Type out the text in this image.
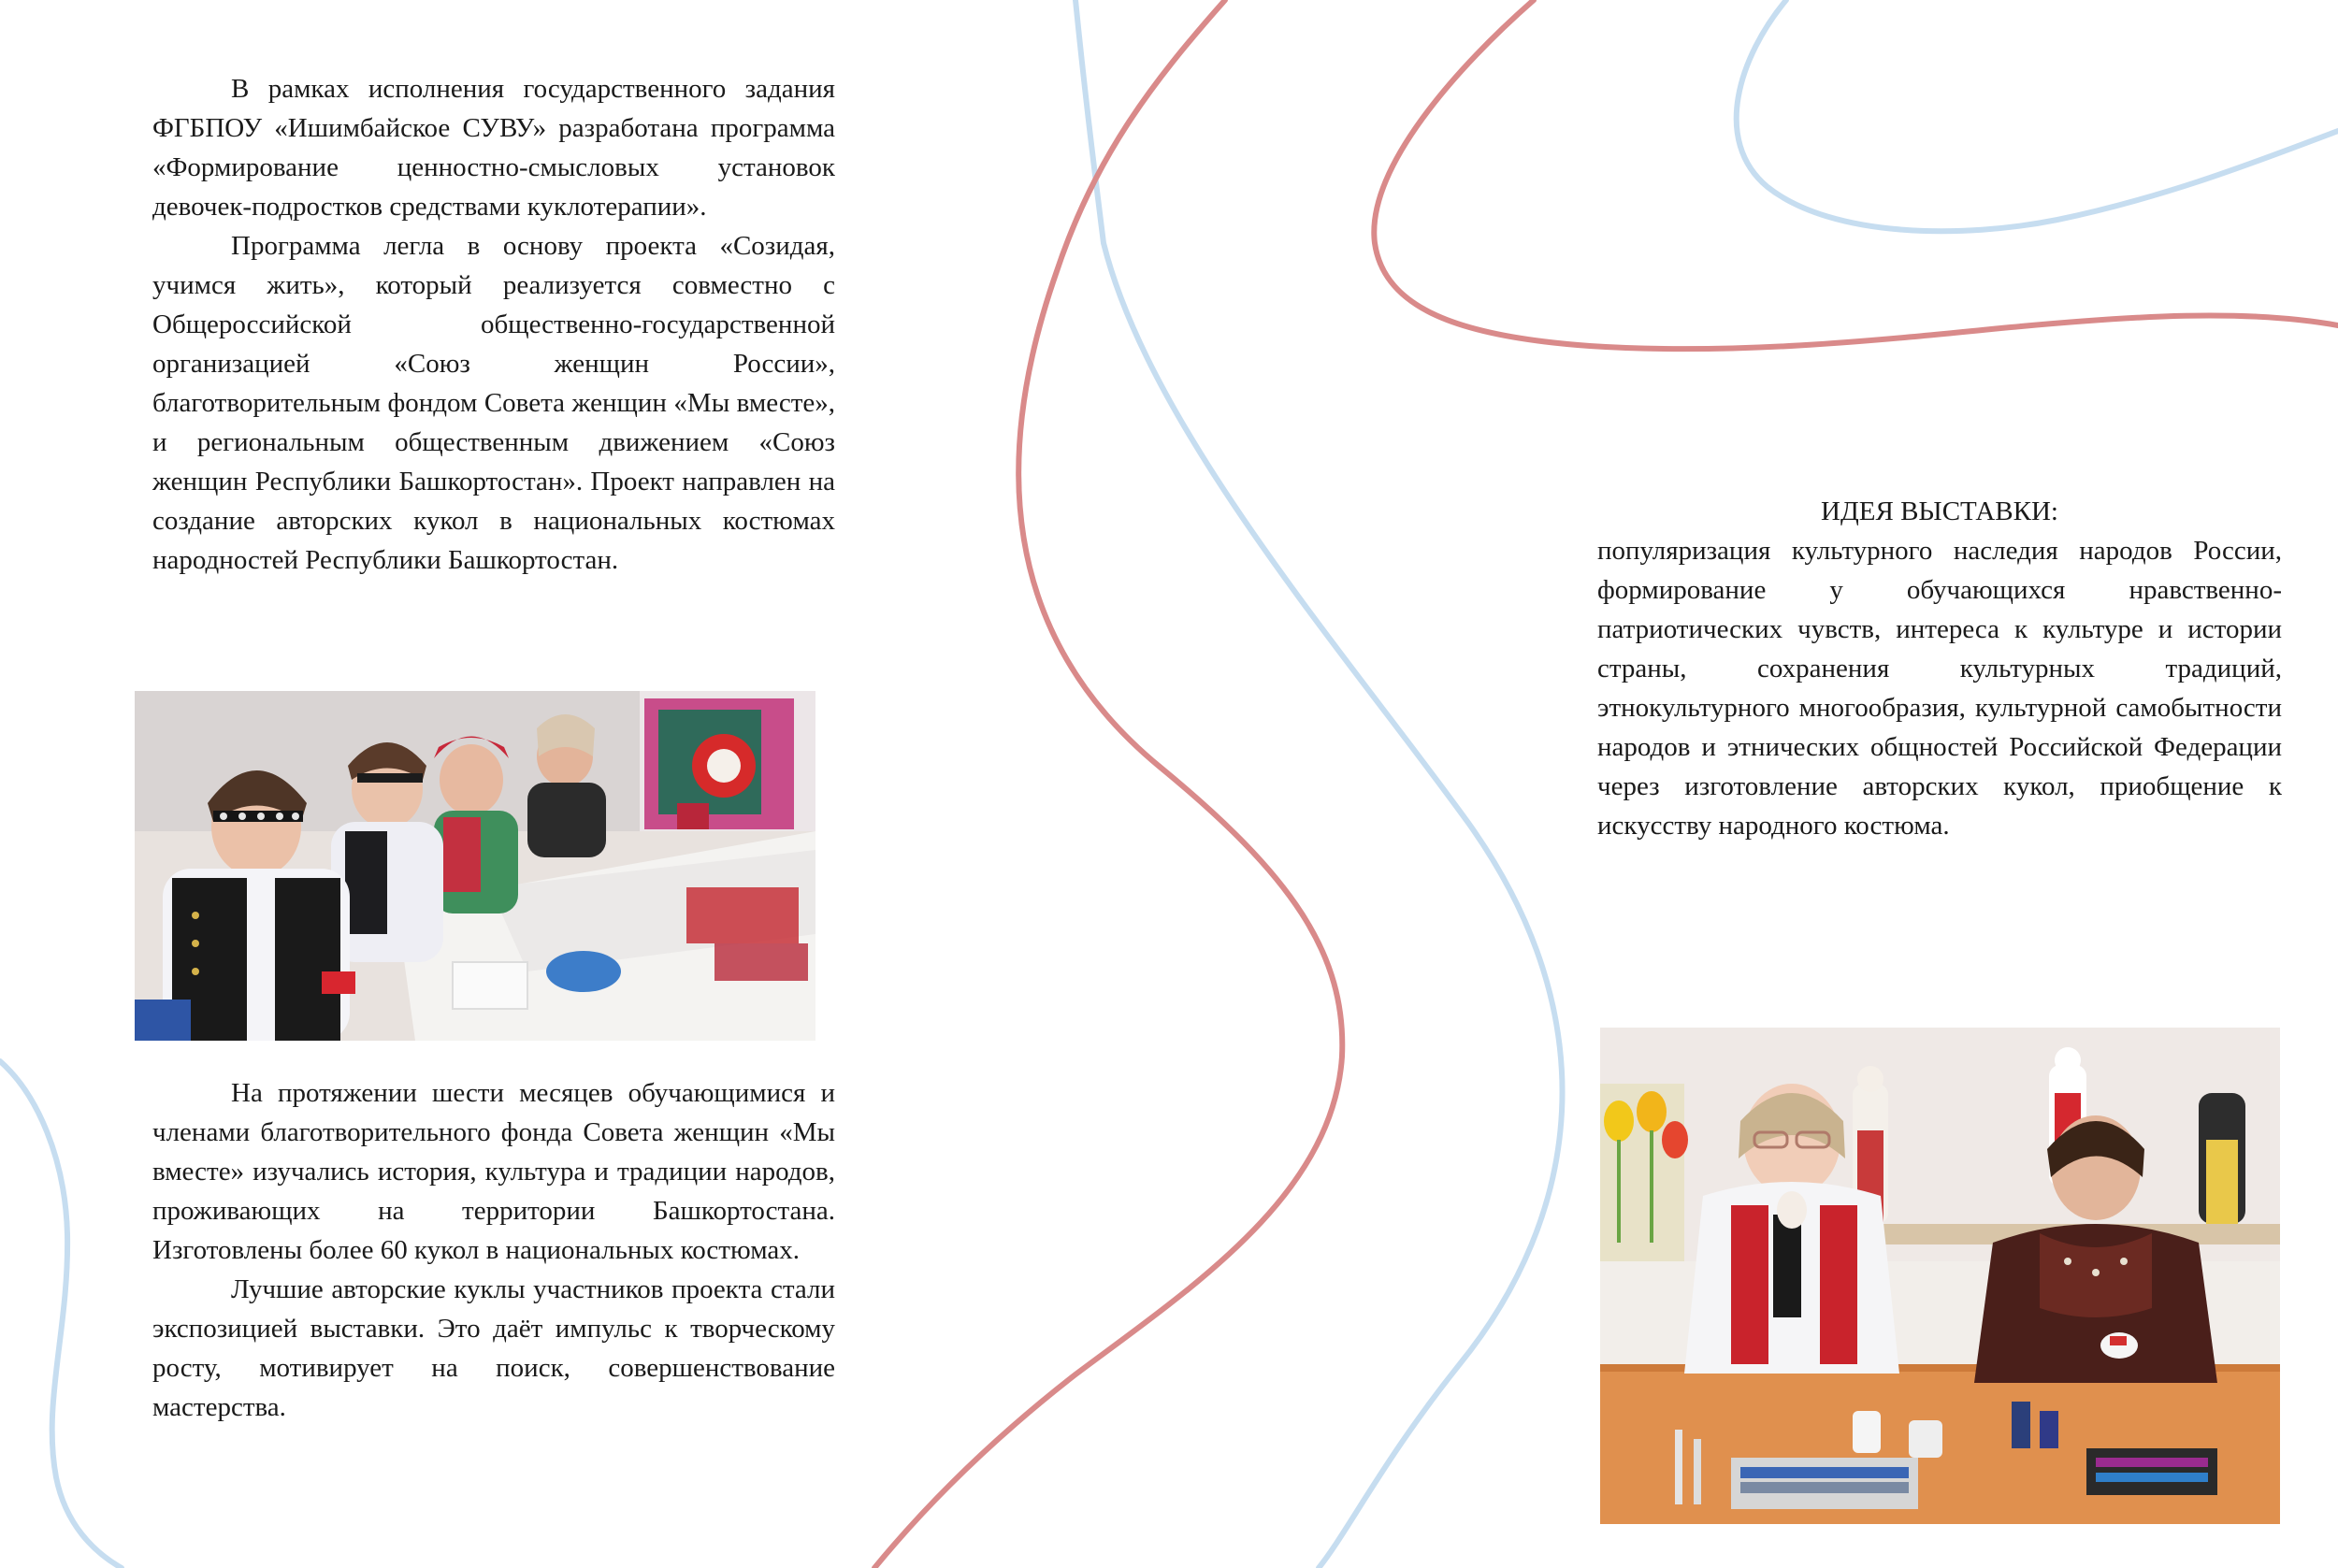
В рамках исполнения государственного задания ФГБПОУ «Ишимбайское СУВУ» разработана программа «Формирование ценностно-смысловых установок девочек-подростков средствами куклотерапии».

Программа легла в основу проекта «Созидая, учимся жить», который реализуется совместно с Общероссийской общественно-государственной организацией «Союз женщин России», благотворительным фондом Совета женщин «Мы вместе», и региональным общественным движением «Союз женщин Республики Башкортостан». Проект направлен на создание авторских кукол в национальных костюмах народностей Республики Башкортостан.

На протяжении шести месяцев обучающимися и членами благотворительного фонда Совета женщин «Мы вместе» изучались история, культура и традиции народов, проживающих на территории Башкортостана. Изготовлены более 60 кукол в национальных костюмах.

Лучшие авторские куклы участников проекта стали экспозицией выставки. Это даёт импульс к творческому росту, мотивирует на поиск, совершенствование мастерства.

ИДЕЯ ВЫСТАВКИ:

популяризация культурного наследия народов России, формирование у обучающихся нравственно-патриотических чувств, интереса к культуре и истории страны, сохранения культурных традиций, этнокультурного многообразия, культурной самобытности народов и этнических общностей Российской Федерации через изготовление авторских кукол, приобщение к искусству народного костюма.
